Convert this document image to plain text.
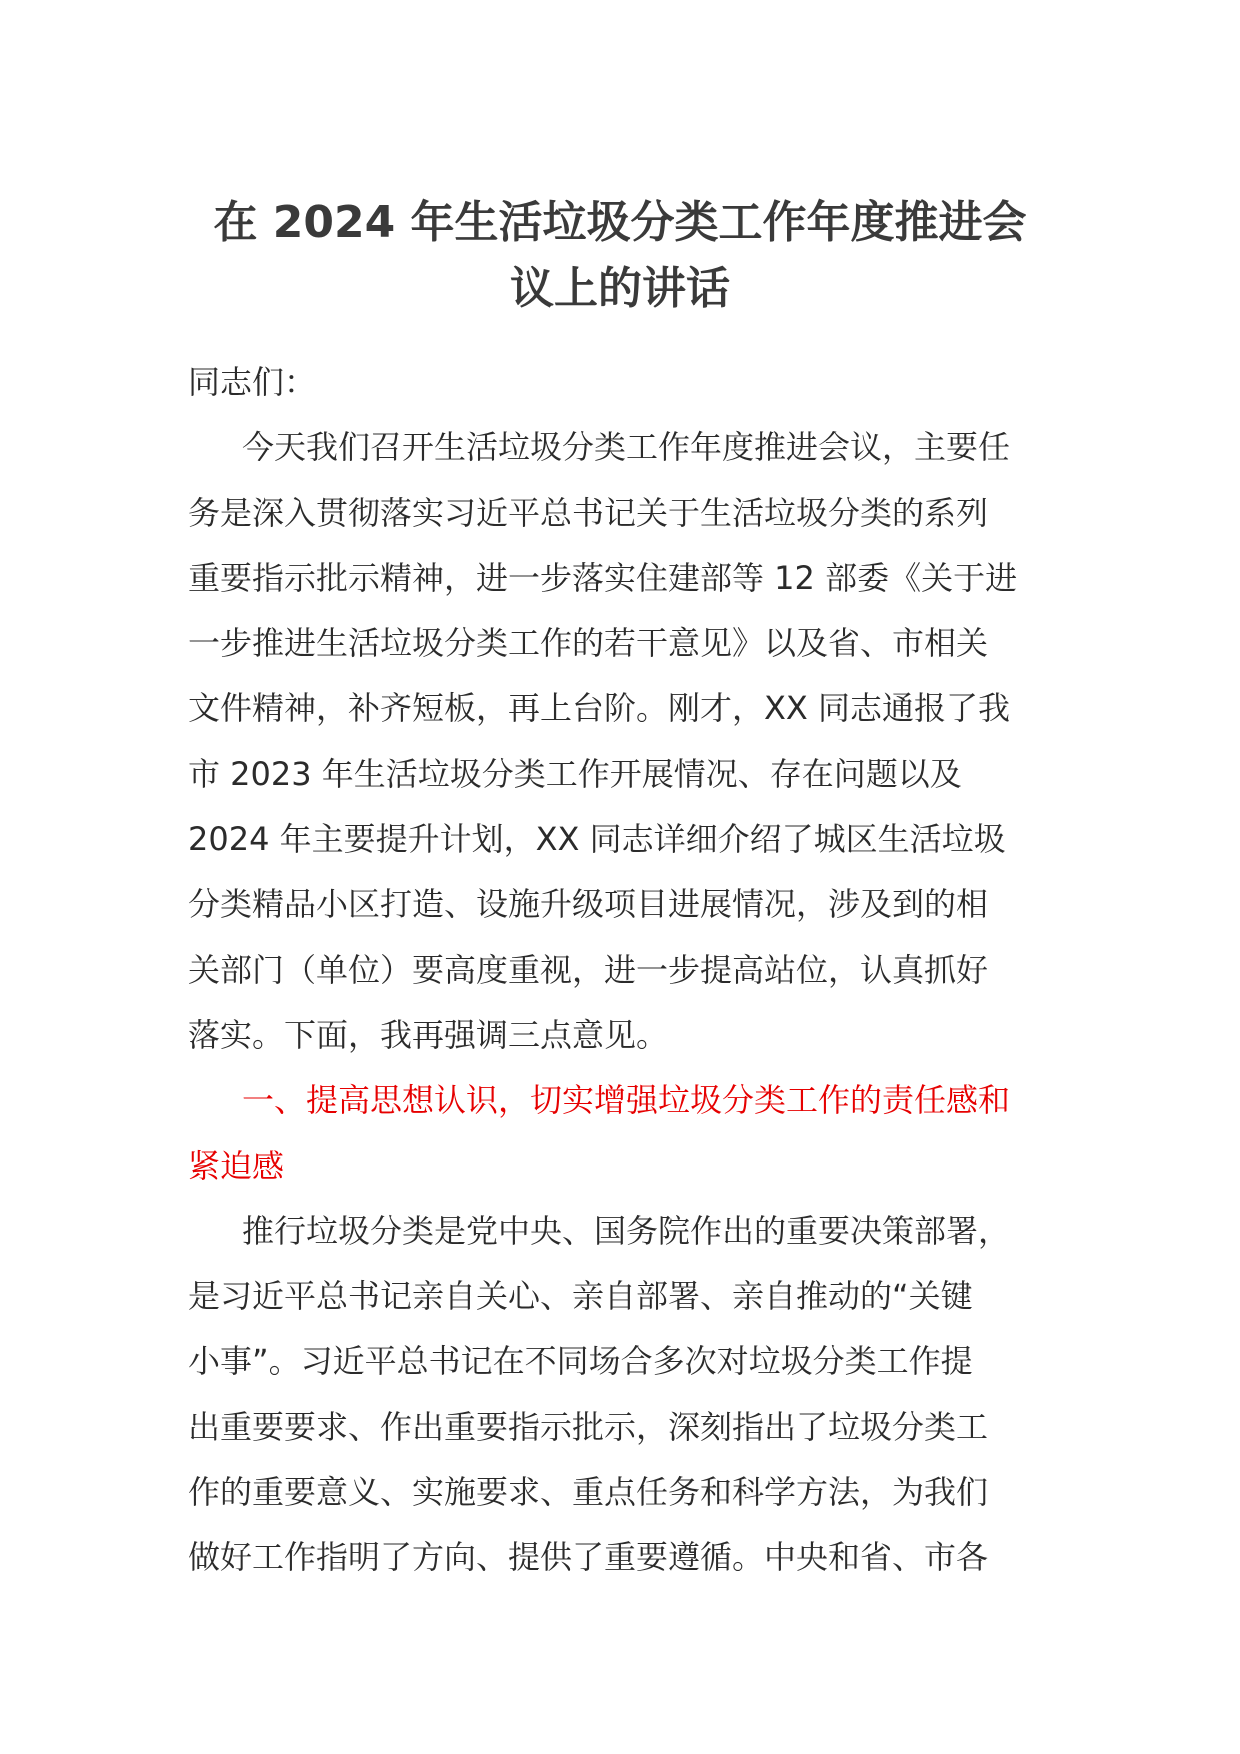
在 2024 年生活垃圾分类工作年度推进会
议上的讲话

同志们：

今天我们召开生活垃圾分类工作年度推进会议，主要任
务是深入贯彻落实习近平总书记关于生活垃圾分类的系列
重要指示批示精神，进一步落实住建部等 12 部委《关于进
一步推进生活垃圾分类工作的若干意见》以及省、市相关
文件精神，补齐短板，再上台阶。刚才，XX 同志通报了我
市 2023 年生活垃圾分类工作开展情况、存在问题以及
2024 年主要提升计划，XX 同志详细介绍了城区生活垃圾
分类精品小区打造、设施升级项目进展情况，涉及到的相
关部门（单位）要高度重视，进一步提高站位，认真抓好
落实。下面，我再强调三点意见。

一、提高思想认识，切实增强垃圾分类工作的责任感和
紧迫感

推行垃圾分类是党中央、国务院作出的重要决策部署，
是习近平总书记亲自关心、亲自部署、亲自推动的“关键
小事”。习近平总书记在不同场合多次对垃圾分类工作提
出重要要求、作出重要指示批示，深刻指出了垃圾分类工
作的重要意义、实施要求、重点任务和科学方法，为我们
做好工作指明了方向、提供了重要遵循。中央和省、市各
